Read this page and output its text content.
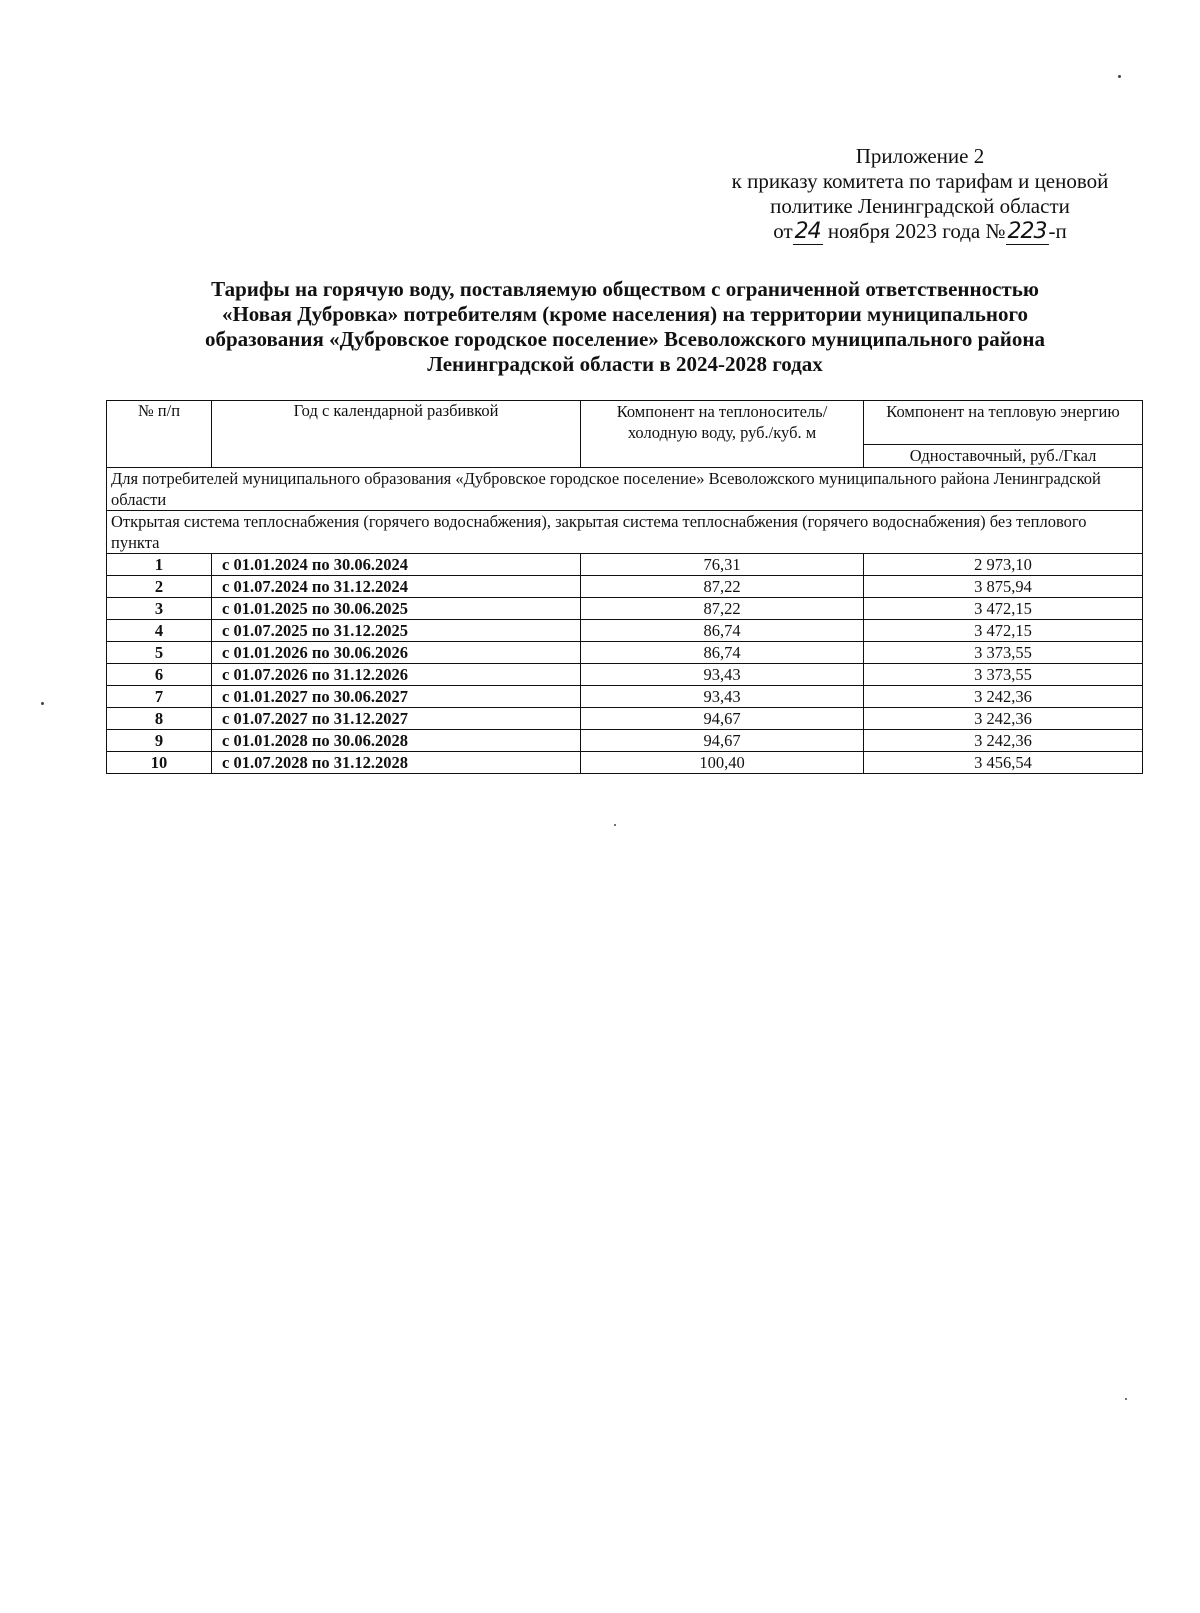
Приложение 2
к приказу комитета по тарифам и ценовой
политике Ленинградской области
от24 ноября 2023 года №223-п
Тарифы на горячую воду, поставляемую обществом с ограниченной ответственностью
«Новая Дубровка» потребителям (кроме населения) на территории муниципального
образования «Дубровское городское поселение» Всеволожского муниципального района
Ленинградской области в 2024-2028 годах
№ п/п	Год с календарной разбивкой	Компонент на теплоноситель/ холодную воду, руб./куб. м	Компонент на тепловую энергию
			Одноставочный, руб./Гкал
Для потребителей муниципального образования «Дубровское городское поселение» Всеволожского муниципального района Ленинградской области			
Открытая система теплоснабжения (горячего водоснабжения), закрытая система теплоснабжения (горячего водоснабжения) без теплового пункта			
1	с 01.01.2024 по 30.06.2024	76,31	2 973,10
2	с 01.07.2024 по 31.12.2024	87,22	3 875,94
3	с 01.01.2025 по 30.06.2025	87,22	3 472,15
4	с 01.07.2025 по 31.12.2025	86,74	3 472,15
5	с 01.01.2026 по 30.06.2026	86,74	3 373,55
6	с 01.07.2026 по 31.12.2026	93,43	3 373,55
7	с 01.01.2027 по 30.06.2027	93,43	3 242,36
8	с 01.07.2027 по 31.12.2027	94,67	3 242,36
9	с 01.01.2028 по 30.06.2028	94,67	3 242,36
10	с 01.07.2028 по 31.12.2028	100,40	3 456,54
